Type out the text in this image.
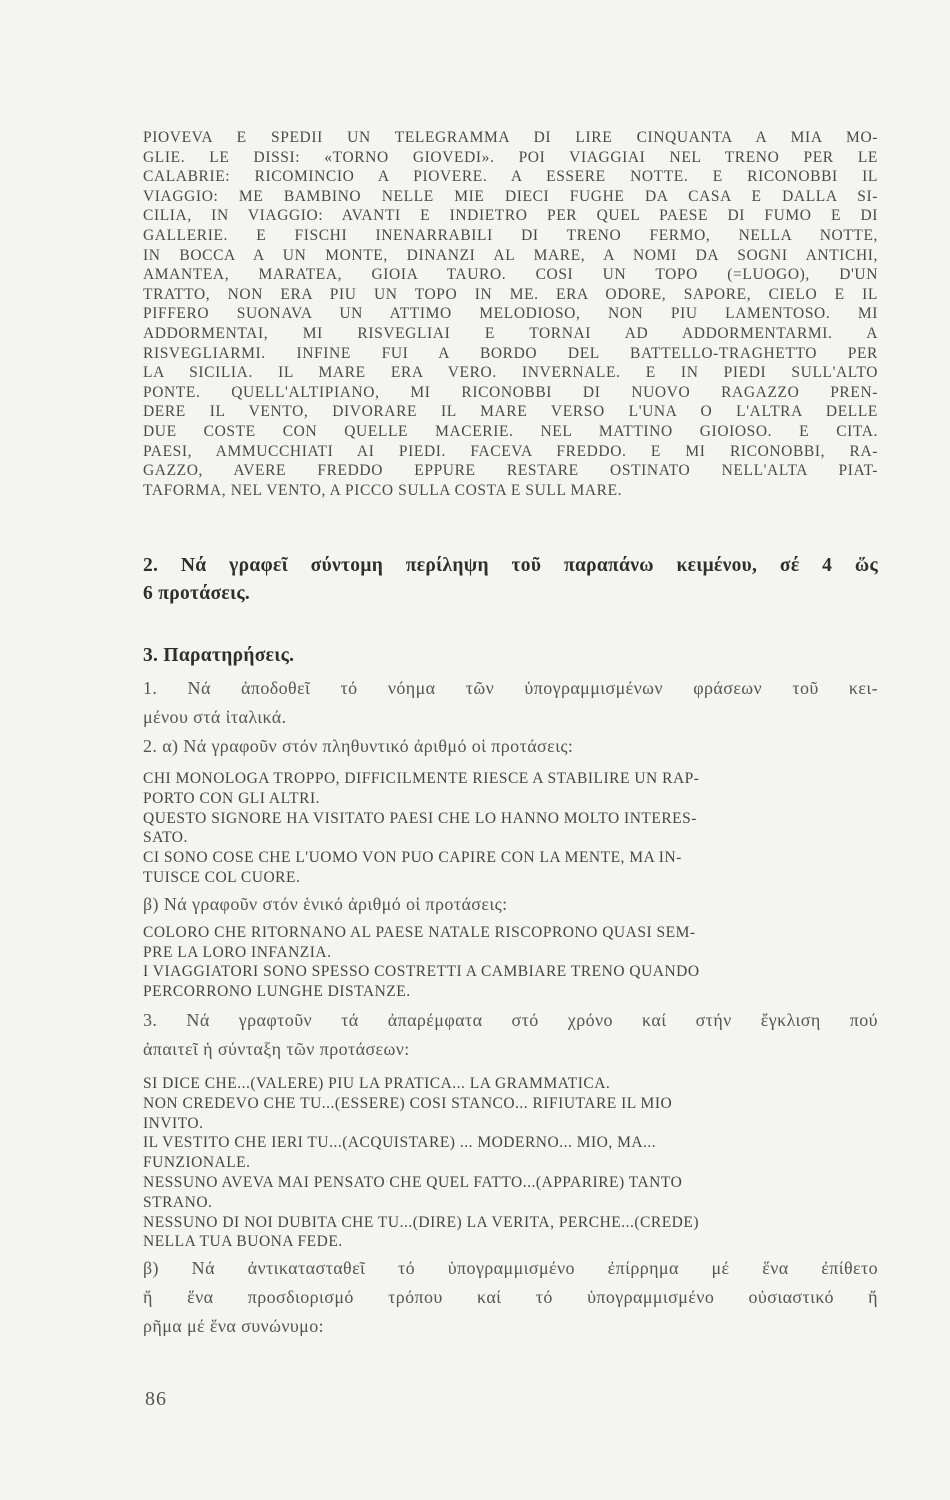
PIOVEVA E SPEDII UN TELEGRAMMA DI LIRE CINQUANTA A MIA MO-
GLIE. LE DISSI: «TORNO GIOVEDI». POI VIAGGIAI NEL TRENO PER LE
CALABRIE: RICOMINCIO A PIOVERE. A ESSERE NOTTE. E RICONOBBI IL
VIAGGIO: ME BAMBINO NELLE MIE DIECI FUGHE DA CASA E DALLA SI-
CILIA, IN VIAGGIO: AVANTI E INDIETRO PER QUEL PAESE DI FUMO E DI
GALLERIE. E FISCHI INENARRABILI DI TRENO FERMO, NELLA NOTTE,
IN BOCCA A UN MONTE, DINANZI AL MARE, A NOMI DA SOGNI ANTICHI,
AMANTEA, MARATEA, GIOIA TAURO. COSI UN TOPO (=LUOGO), D'UN
TRATTO, NON ERA PIU UN TOPO IN ME. ERA ODORE, SAPORE, CIELO E IL
PIFFERO SUONAVA UN ATTIMO MELODIOSO, NON PIU LAMENTOSO. MI
ADDORMENTAI, MI RISVEGLIAI E TORNAI AD ADDORMENTARMI. A
RISVEGLIARMI. INFINE FUI A BORDO DEL BATTELLO-TRAGHETTO PER
LA SICILIA. IL MARE ERA VERO. INVERNALE. E IN PIEDI SULL'ALTO
PONTE. QUELL'ALTIPIANO, MI RICONOBBI DI NUOVO RAGAZZO PREN-
DERE IL VENTO, DIVORARE IL MARE VERSO L'UNA O L'ALTRA DELLE
DUE COSTE CON QUELLE MACERIE. NEL MATTINO GIOIOSO. E CITA.
PAESI, AMMUCCHIATI AI PIEDI. FACEVA FREDDO. E MI RICONOBBI, RA-
GAZZO, AVERE FREDDO EPPURE RESTARE OSTINATO NELL'ALTA PIAT-
TAFORMA, NEL VENTO, A PICCO SULLA COSTA E SULL MARE.

2. Νά γραφεῖ σύντομη περίληψη τοῦ παραπάνω κειμένου, σέ 4 ὥς

6 προτάσεις.

3. Παρατηρήσεις.

1. Νά ἀποδοθεῖ τό νόημα τῶν ὑπογραμμισμένων φράσεων τοῦ κει-

μένου στά ἰταλικά.

2. α) Νά γραφοῦν στόν πληθυντικό ἀριθμό οἱ προτάσεις:

CHI MONOLOGA TROPPO, DIFFICILMENTE RIESCE A STABILIRE UN RAP-

PORTO CON GLI ALTRI.

QUESTO SIGNORE HA VISITATO PAESI CHE LO HANNO MOLTO INTERES-

SATO.

CI SONO COSE CHE L'UOMO VON PUO CAPIRE CON LA MENTE, MA IN-

TUISCE COL CUORE.

β) Νά γραφοῦν στόν ἑνικό ἀριθμό οἱ προτάσεις:

COLORO CHE RITORNANO AL PAESE NATALE RISCOPRONO QUASI SEM-

PRE LA LORO INFANZIA.

I VIAGGIATORI SONO SPESSO COSTRETTI A CAMBIARE TRENO QUANDO

PERCORRONO LUNGHE DISTANZE.

3. Νά γραφτοῦν τά ἀπαρέμφατα στό χρόνο καί στήν ἔγκλιση πού

ἀπαιτεῖ ἡ σύνταξη τῶν προτάσεων:

SI DICE CHE...(VALERE) PIU LA PRATICA... LA GRAMMATICA.

NON CREDEVO CHE TU...(ESSERE) COSI STANCO... RIFIUTARE IL MIO

INVITO.

IL VESTITO CHE IERI TU...(ACQUISTARE) ... MODERNO... MIO, MA...

FUNZIONALE.

NESSUNO AVEVA MAI PENSATO CHE QUEL FATTO...(APPARIRE) TANTO

STRANO.

NESSUNO DI NOI DUBITA CHE TU...(DIRE) LA VERITA, PERCHE...(CREDE)

NELLA TUA BUONA FEDE.

β) Νά ἀντικατασταθεῖ τό ὑπογραμμισμένο ἐπίρρημα μέ ἕνα ἐπίθετο

ἤ ἕνα προσδιορισμό τρόπου καί τό ὑπογραμμισμένο οὐσιαστικό ἤ

ρῆμα μέ ἕνα συνώνυμο:

86
